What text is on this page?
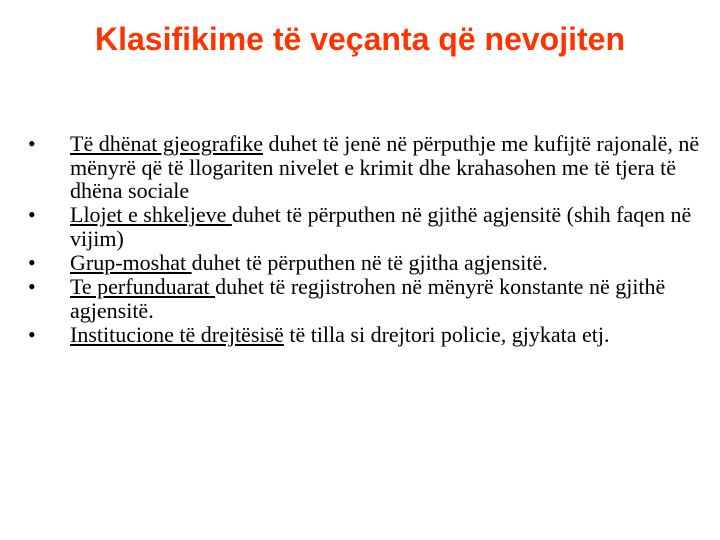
Klasifikime të veçanta që nevojiten
•	Të dhënat gjeografike duhet të jenë në përputhje me kufijtë rajonalë, në mënyrë që të llogariten nivelet e krimit dhe krahasohen me të tjera të dhëna sociale
•	Llojet e shkeljeve duhet të përputhen në gjithë agjensitë (shih faqen në vijim)
•	Grup-moshat duhet të përputhen në të gjitha agjensitë.
•	Te perfunduarat duhet të regjistrohen në mënyrë konstante në gjithë agjensitë.
•	Institucione të drejtësisë të tilla si drejtori policie, gjykata etj.
